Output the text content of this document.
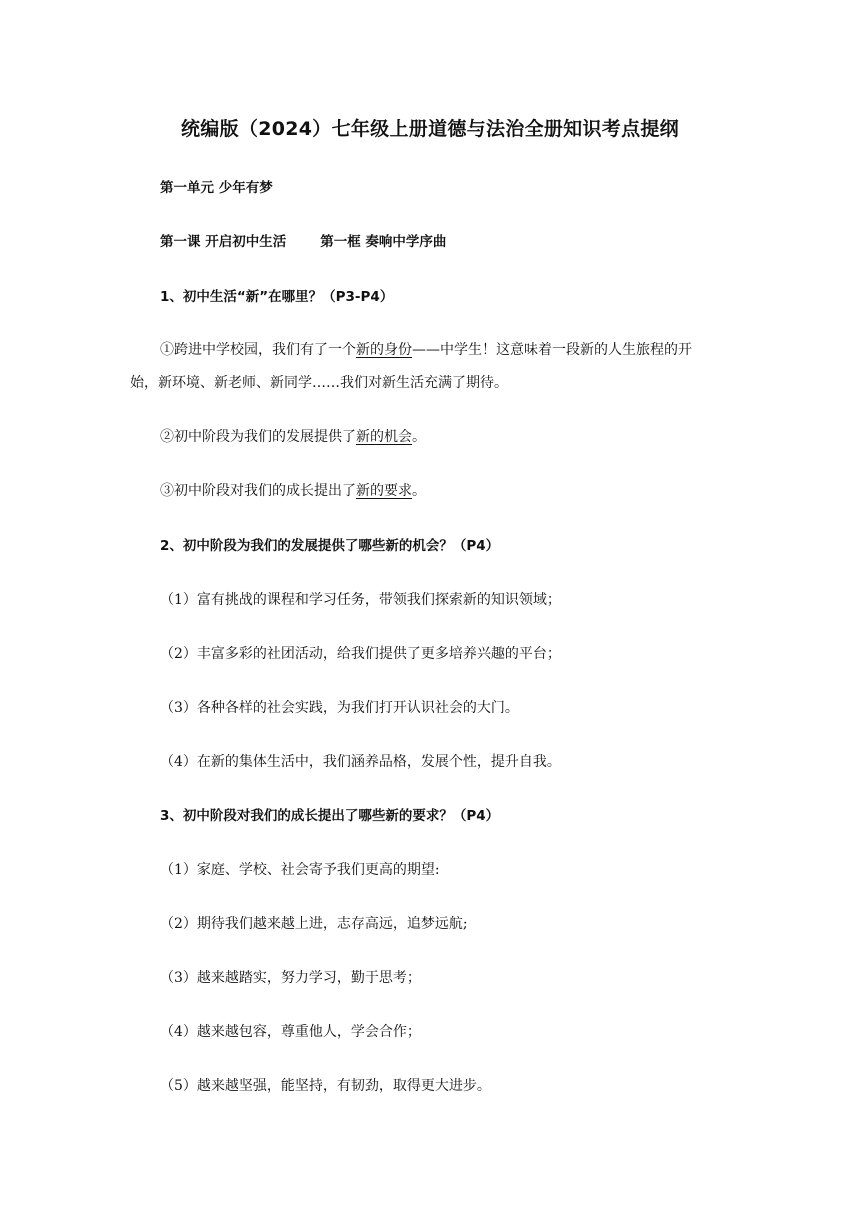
统编版（2024）七年级上册道德与法治全册知识考点提纲
第一单元 少年有梦
第一课 开启初中生活	第一框 奏响中学序曲
1、初中生活“新”在哪里？（P3-P4）
①跨进中学校园，我们有了一个新的身份——中学生！这意味着一段新的人生旅程的开
始，新环境、新老师、新同学……我们对新生活充满了期待。
②初中阶段为我们的发展提供了新的机会。
③初中阶段对我们的成长提出了新的要求。
2、初中阶段为我们的发展提供了哪些新的机会？（P4）
（1）富有挑战的课程和学习任务，带领我们探索新的知识领域；
（2）丰富多彩的社团活动，给我们提供了更多培养兴趣的平台；
（3）各种各样的社会实践，为我们打开认识社会的大门。
（4）在新的集体生活中，我们涵养品格，发展个性，提升自我。
3、初中阶段对我们的成长提出了哪些新的要求？（P4）
（1）家庭、学校、社会寄予我们更高的期望:
（2）期待我们越来越上进，志存高远，追梦远航;
（3）越来越踏实，努力学习，勤于思考；
（4）越来越包容，尊重他人，学会合作；
（5）越来越坚强，能坚持，有韧劲，取得更大进步。
